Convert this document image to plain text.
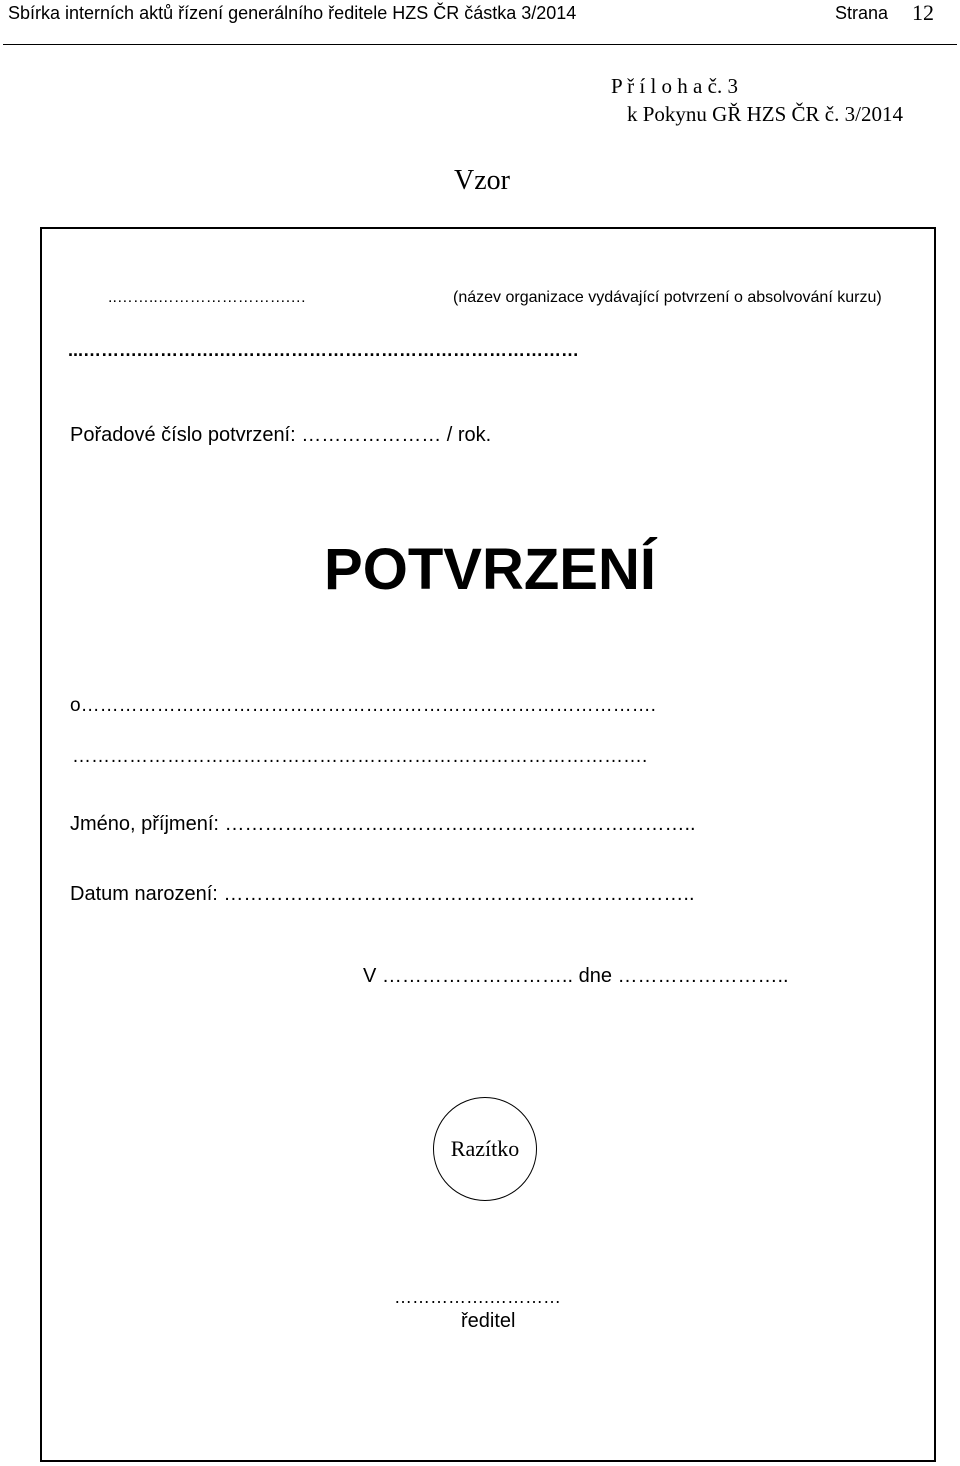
Sbírka interních aktů řízení generálního ředitele HZS ČR částka 3/2014	Strana 12
P ř í l o h a č. 3
k Pokynu GŘ HZS ČR č. 3/2014
Vzor
..……..…………………….…	(název organizace vydávající potvrzení o absolvování kurzu)
...……….………….……………………………………………………
Pořadové číslo potvrzení: ………………… / rok.
POTVRZENÍ
o……………………………………………………………………………….
……………………………………………………………………………….
Jméno, příjmení: ……………………………………………………………..
Datum narození: ……………………………………………………………..
V ……………………….. dne ……………………..
Razítko
…………….…………
ředitel
